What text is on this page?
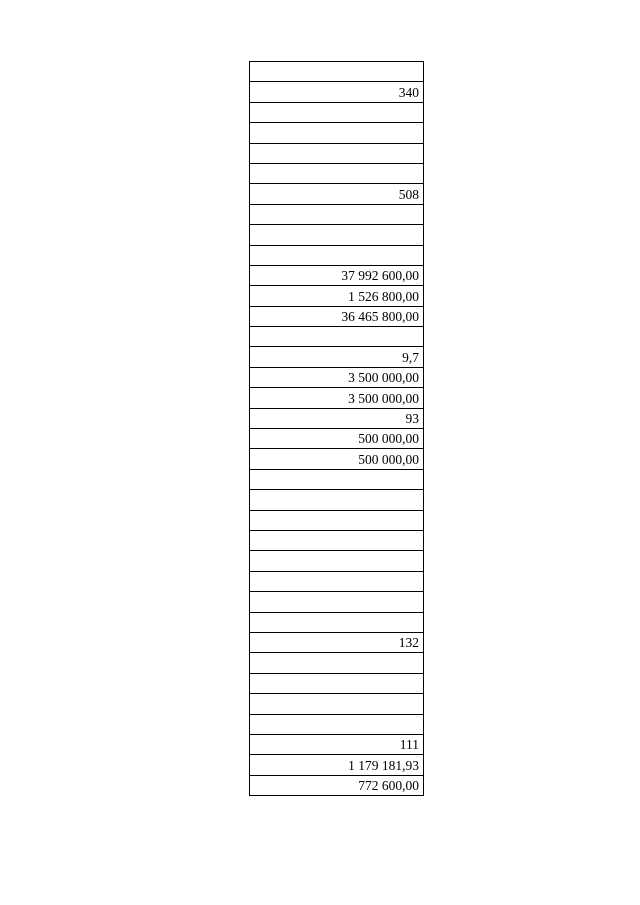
340

508

37 992 600,00
1 526 800,00
36 465 800,00

9,7
3 500 000,00
3 500 000,00
93
500 000,00
500 000,00

132

111
1 179 181,93
772 600,00
